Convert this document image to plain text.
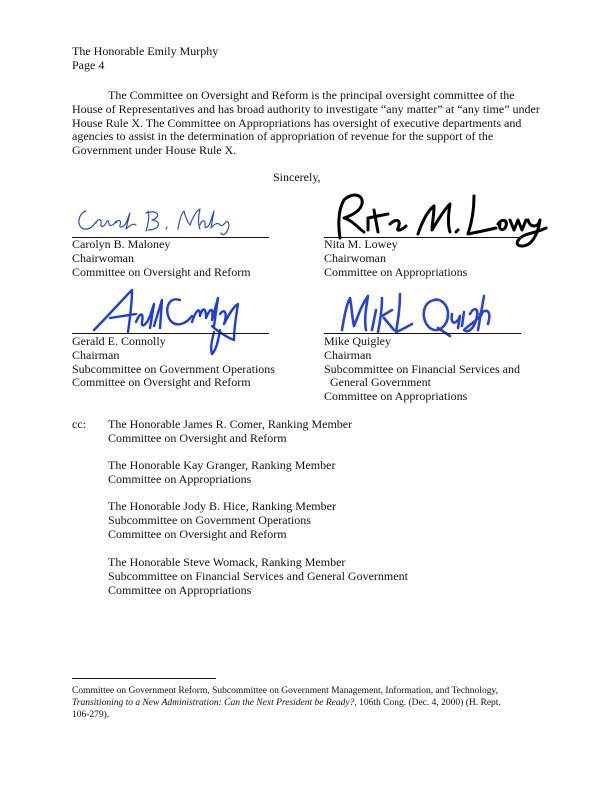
The Honorable Emily Murphy
Page 4
The Committee on Oversight and Reform is the principal oversight committee of the
House of Representatives and has broad authority to investigate “any matter” at “any time” under
House Rule X. The Committee on Appropriations has oversight of executive departments and
agencies to assist in the determination of appropriation of revenue for the support of the
Government under House Rule X.
Sincerely,
Carolyn B. Maloney
Chairwoman
Committee on Oversight and Reform
Nita M. Lowey
Chairwoman
Committee on Appropriations
Gerald E. Connolly
Chairman
Subcommittee on Government Operations
Committee on Oversight and Reform
Mike Quigley
Chairman
Subcommittee on Financial Services and
General Government
Committee on Appropriations
cc: The Honorable James R. Comer, Ranking Member
Committee on Oversight and Reform
The Honorable Kay Granger, Ranking Member
Committee on Appropriations
The Honorable Jody B. Hice, Ranking Member
Subcommittee on Government Operations
Committee on Oversight and Reform
The Honorable Steve Womack, Ranking Member
Subcommittee on Financial Services and General Government
Committee on Appropriations
Committee on Government Reform, Subcommittee on Government Management, Information, and Technology,
Transitioning to a New Administration: Can the Next President be Ready?, 106th Cong. (Dec. 4, 2000) (H. Rept.
106-279).
